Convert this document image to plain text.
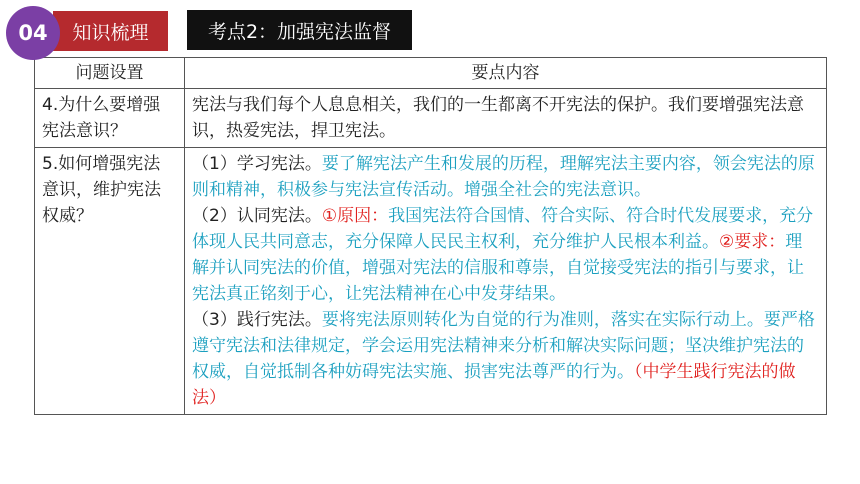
04	知识梳理	考点2：加强宪法监督
问题设置	要点内容
4.为什么要增强宪法意识？	宪法与我们每个人息息相关，我们的一生都离不开宪法的保护。我们要增强宪法意识，热爱宪法，捍卫宪法。
5.如何增强宪法意识，维护宪法权威？	（1）学习宪法。要了解宪法产生和发展的历程，理解宪法主要内容，领会宪法的原则和精神，积极参与宪法宣传活动。增强全社会的宪法意识。
（2）认同宪法。①原因：我国宪法符合国情、符合实际、符合时代发展要求，充分体现人民共同意志，充分保障人民民主权利，充分维护人民根本利益。②要求：理解并认同宪法的价值，增强对宪法的信服和尊崇，自觉接受宪法的指引与要求，让宪法真正铭刻于心，让宪法精神在心中发芽结果。
（3）践行宪法。要将宪法原则转化为自觉的行为准则，落实在实际行动上。要严格遵守宪法和法律规定，学会运用宪法精神来分析和解决实际问题；坚决维护宪法的权威，自觉抵制各种妨碍宪法实施、损害宪法尊严的行为。（中学生践行宪法的做法）
